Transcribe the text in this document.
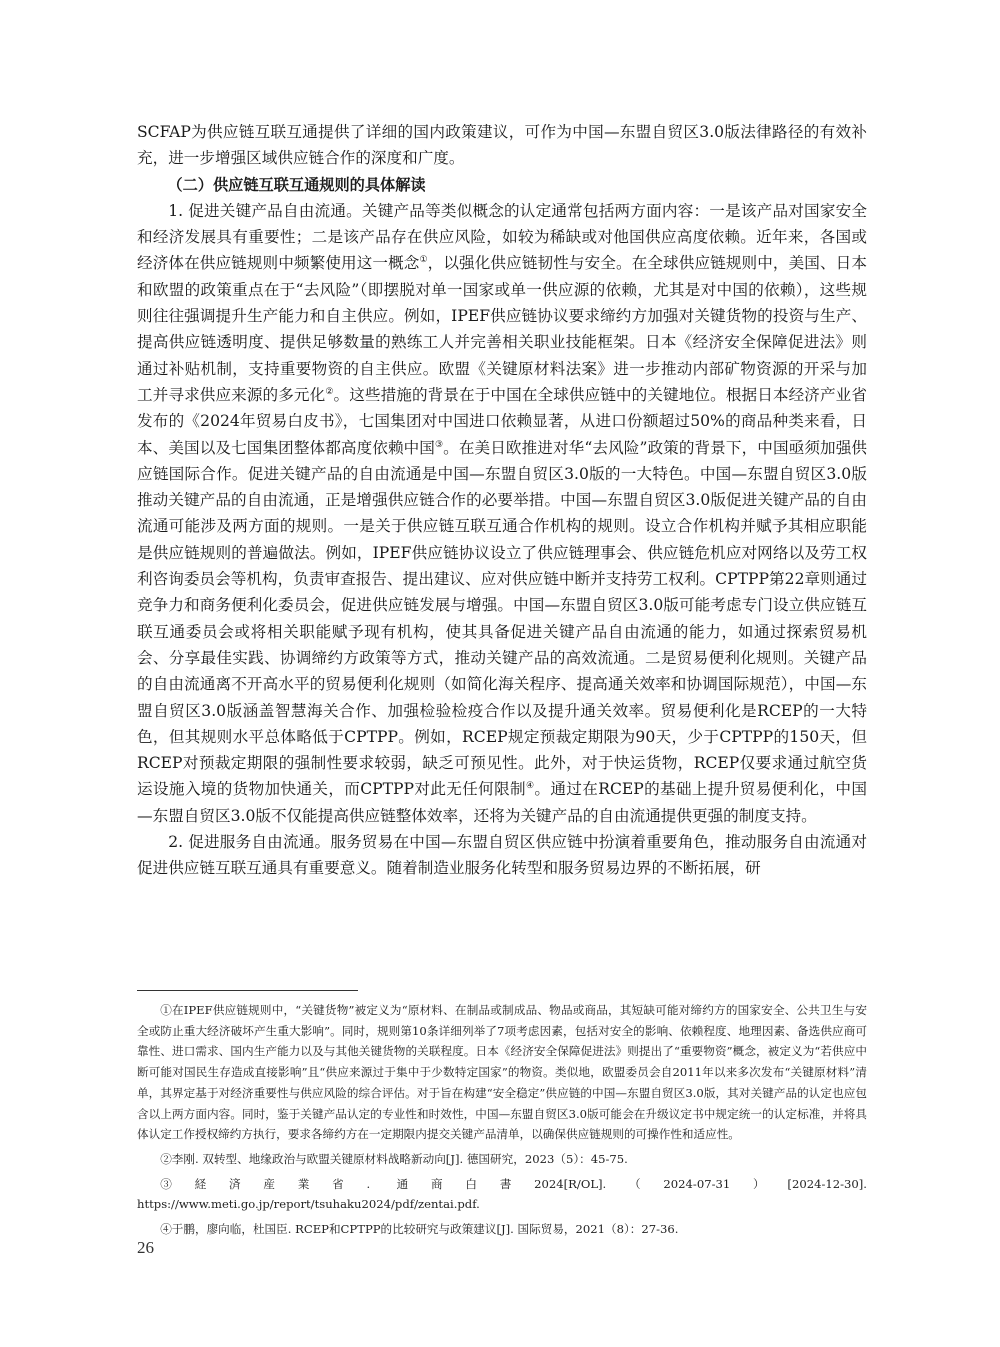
SCFAP为供应链互联互通提供了详细的国内政策建议，可作为中国—东盟自贸区3.0版法律路径的有效补充，进一步增强区域供应链合作的深度和广度。

（二）供应链互联互通规则的具体解读

1. 促进关键产品自由流通。关键产品等类似概念的认定通常包括两方面内容：一是该产品对国家安全和经济发展具有重要性；二是该产品存在供应风险，如较为稀缺或对他国供应高度依赖。近年来，各国或经济体在供应链规则中频繁使用这一概念①，以强化供应链韧性与安全。在全球供应链规则中，美国、日本和欧盟的政策重点在于“去风险”（即摆脱对单一国家或单一供应源的依赖，尤其是对中国的依赖），这些规则往往强调提升生产能力和自主供应。例如，IPEF供应链协议要求缔约方加强对关键货物的投资与生产、提高供应链透明度、提供足够数量的熟练工人并完善相关职业技能框架。日本《经济安全保障促进法》则通过补贴机制，支持重要物资的自主供应。欧盟《关键原材料法案》进一步推动内部矿物资源的开采与加工并寻求供应来源的多元化②。这些措施的背景在于中国在全球供应链中的关键地位。根据日本经济产业省发布的《2024年贸易白皮书》，七国集团对中国进口依赖显著，从进口份额超过50%的商品种类来看，日本、美国以及七国集团整体都高度依赖中国③。在美日欧推进对华“去风险”政策的背景下，中国亟须加强供应链国际合作。促进关键产品的自由流通是中国—东盟自贸区3.0版的一大特色。中国—东盟自贸区3.0版推动关键产品的自由流通，正是增强供应链合作的必要举措。中国—东盟自贸区3.0版促进关键产品的自由流通可能涉及两方面的规则。一是关于供应链互联互通合作机构的规则。设立合作机构并赋予其相应职能是供应链规则的普遍做法。例如，IPEF供应链协议设立了供应链理事会、供应链危机应对网络以及劳工权利咨询委员会等机构，负责审查报告、提出建议、应对供应链中断并支持劳工权利。CPTPP第22章则通过竞争力和商务便利化委员会，促进供应链发展与增强。中国—东盟自贸区3.0版可能考虑专门设立供应链互联互通委员会或将相关职能赋予现有机构，使其具备促进关键产品自由流通的能力，如通过探索贸易机会、分享最佳实践、协调缔约方政策等方式，推动关键产品的高效流通。二是贸易便利化规则。关键产品的自由流通离不开高水平的贸易便利化规则（如简化海关程序、提高通关效率和协调国际规范），中国—东盟自贸区3.0版涵盖智慧海关合作、加强检验检疫合作以及提升通关效率。贸易便利化是RCEP的一大特色，但其规则水平总体略低于CPTPP。例如，RCEP规定预裁定期限为90天，少于CPTPP的150天，但RCEP对预裁定期限的强制性要求较弱，缺乏可预见性。此外，对于快运货物，RCEP仅要求通过航空货运设施入境的货物加快通关，而CPTPP对此无任何限制④。通过在RCEP的基础上提升贸易便利化，中国—东盟自贸区3.0版不仅能提高供应链整体效率，还将为关键产品的自由流通提供更强的制度支持。

2. 促进服务自由流通。服务贸易在中国—东盟自贸区供应链中扮演着重要角色，推动服务自由流通对促进供应链互联互通具有重要意义。随着制造业服务化转型和服务贸易边界的不断拓展，研

①在IPEF供应链规则中，“关键货物”被定义为“原材料、在制品或制成品、物品或商品，其短缺可能对缔约方的国家安全、公共卫生与安全或防止重大经济破坏产生重大影响”。同时，规则第10条详细列举了7项考虑因素，包括对安全的影响、依赖程度、地理因素、备选供应商可靠性、进口需求、国内生产能力以及与其他关键货物的关联程度。日本《经济安全保障促进法》则提出了“重要物资”概念，被定义为“若供应中断可能对国民生存造成直接影响”且“供应来源过于集中于少数特定国家”的物资。类似地，欧盟委员会自2011年以来多次发布“关键原材料”清单，其界定基于对经济重要性与供应风险的综合评估。对于旨在构建“安全稳定”供应链的中国—东盟自贸区3.0版，其对关键产品的认定也应包含以上两方面内容。同时，鉴于关键产品认定的专业性和时效性，中国—东盟自贸区3.0版可能会在升级议定书中规定统一的认定标准，并将具体认定工作授权缔约方执行，要求各缔约方在一定期限内提交关键产品清单，以确保供应链规则的可操作性和适应性。

②李刚. 双转型、地缘政治与欧盟关键原材料战略新动向[J]. 德国研究，2023（5）：45-75.

③経済産業省. 通商白書2024[R/OL].（2024-07-31）[2024-12-30]. https://www.meti.go.jp/report/tsuhaku2024/pdf/zentai.pdf.

④于鹏，廖向临，杜国臣. RCEP和CPTPP的比较研究与政策建议[J]. 国际贸易，2021（8）：27-36.

26
